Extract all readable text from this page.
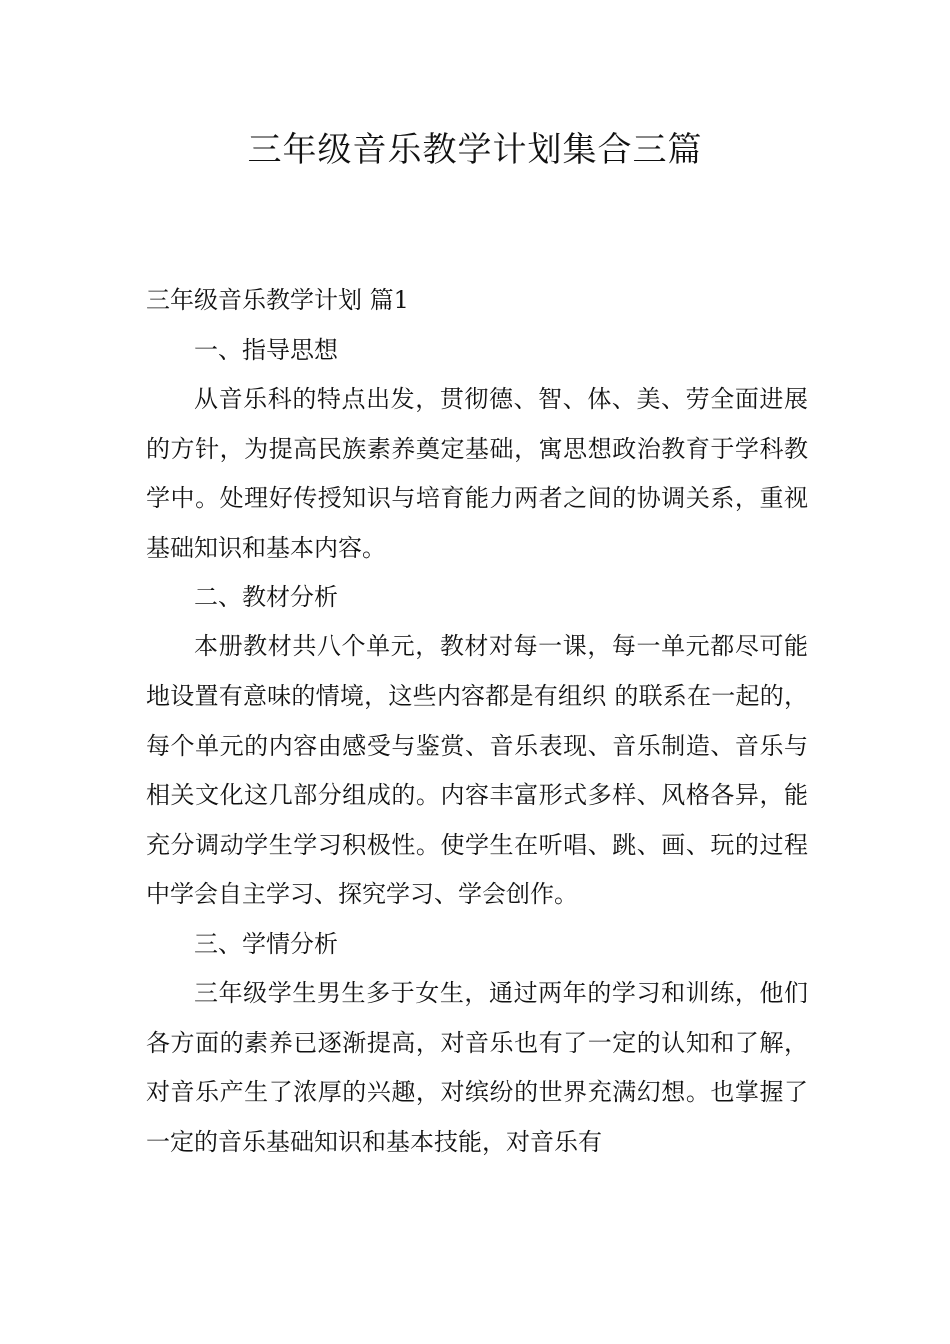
三年级音乐教学计划集合三篇
三年级音乐教学计划 篇1
一、指导思想

从音乐科的特点出发，贯彻德、智、体、美、劳全面进展的方针，为提高民族素养奠定基础，寓思想政治教育于学科教学中。处理好传授知识与培育能力两者之间的协调关系，重视基础知识和基本内容。

二、教材分析

本册教材共八个单元，教材对每一课，每一单元都尽可能地设置有意味的情境，这些内容都是有组织 的联系在一起的，每个单元的内容由感受与鉴赏、音乐表现、音乐制造、音乐与相关文化这几部分组成的。内容丰富形式多样、风格各异，能充分调动学生学习积极性。使学生在听唱、跳、画、玩的过程中学会自主学习、探究学习、学会创作。

三、学情分析

三年级学生男生多于女生，通过两年的学习和训练，他们各方面的素养已逐渐提高，对音乐也有了一定的认知和了解，对音乐产生了浓厚的兴趣，对缤纷的世界充满幻想。也掌握了一定的音乐基础知识和基本技能，对音乐有
